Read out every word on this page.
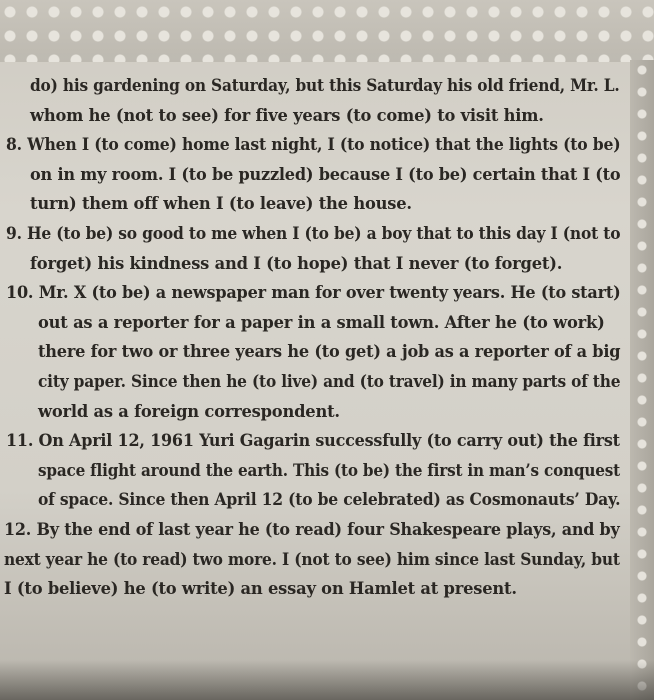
do) his gardening on Saturday, but this Saturday his old friend, Mr. L.
whom he (not to see) for five years (to come) to visit him.
8. When I (to come) home last night, I (to notice) that the lights (to be)
on in my room. I (to be puzzled) because I (to be) certain that I (to
turn) them off when I (to leave) the house.
9. He (to be) so good to me when I (to be) a boy that to this day I (not to
forget) his kindness and I (to hope) that I never (to forget).
10. Mr. X (to be) a newspaper man for over twenty years. He (to start)
out as a reporter for a paper in a small town. After he (to work)
there for two or three years he (to get) a job as a reporter of a big
city paper. Since then he (to live) and (to travel) in many parts of the
world as a foreign correspondent.
11. On April 12, 1961 Yuri Gagarin successfully (to carry out) the first
space flight around the earth. This (to be) the first in man’s conquest
of space. Since then April 12 (to be celebrated) as Cosmonauts’ Day.
12. By the end of last year he (to read) four Shakespeare plays, and by
next year he (to read) two more. I (not to see) him since last Sunday, but
I (to believe) he (to write) an essay on Hamlet at present.
